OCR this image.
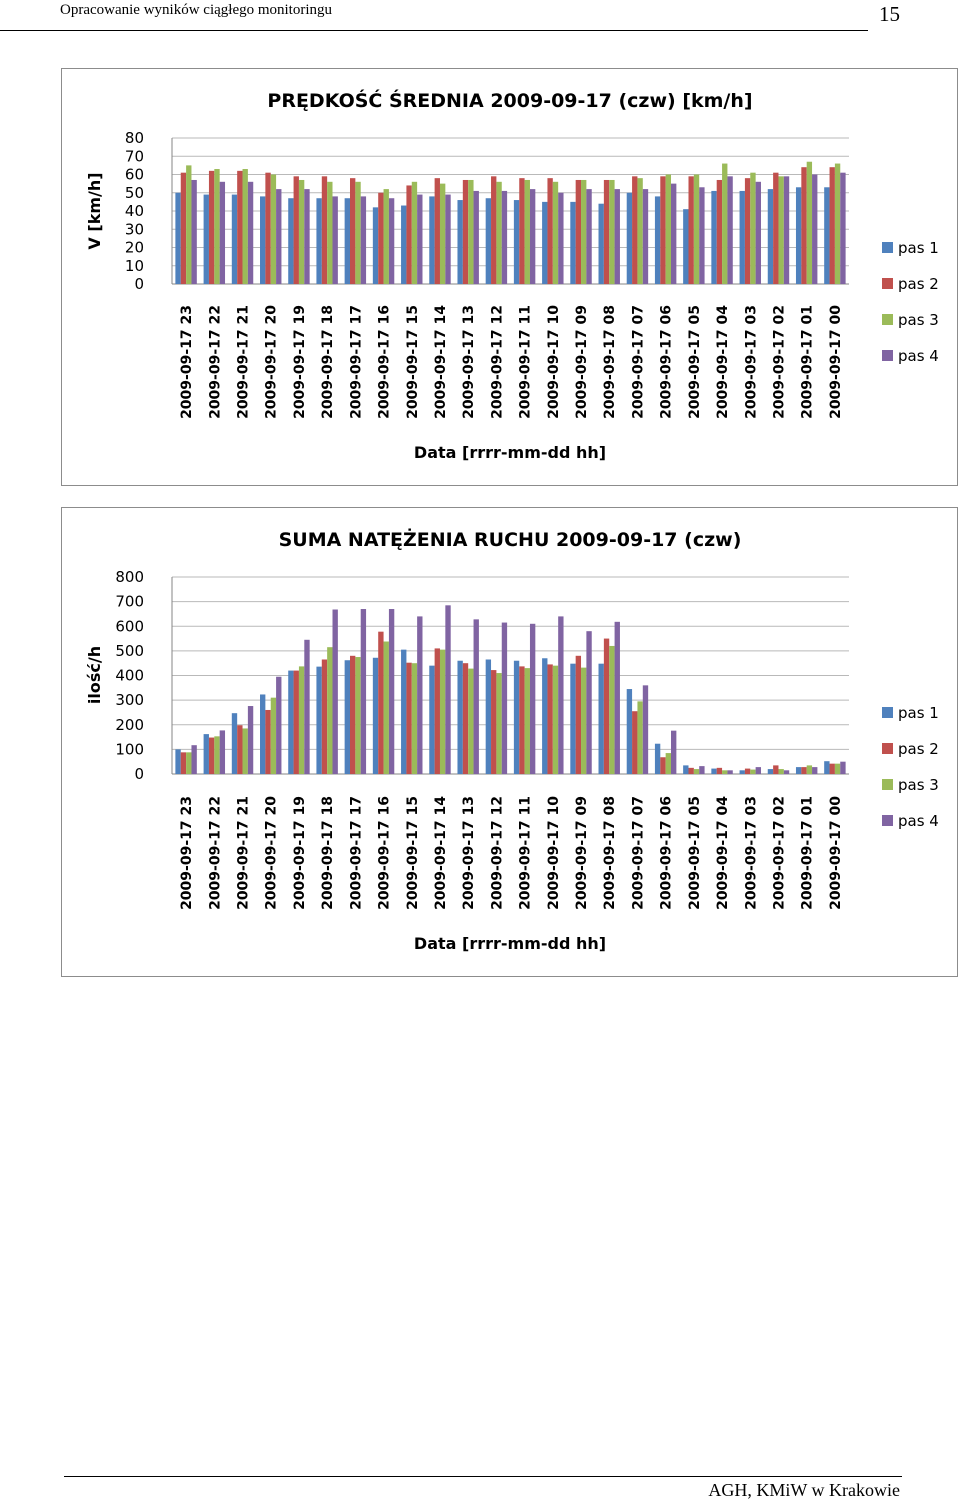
Opracowanie wyników ciągłego monitoringu	15
PRĘDKOŚĆ ŚREDNIA 2009-09-17 (czw) [km/h]
V [km/h]
0
10
20
30
40
50
60
70
80
2009-09-17 23 2009-09-17 22 2009-09-17 21 2009-09-17 20 2009-09-17 19 2009-09-17 18 2009-09-17 17 2009-09-17 16 2009-09-17 15 2009-09-17 14 2009-09-17 13 2009-09-17 12 2009-09-17 11 2009-09-17 10 2009-09-17 09 2009-09-17 08 2009-09-17 07 2009-09-17 06 2009-09-17 05 2009-09-17 04 2009-09-17 03 2009-09-17 02 2009-09-17 01 2009-09-17 00
Data [rrrr-mm-dd hh]
pas 1
pas 2
pas 3
pas 4
SUMA NATĘŻENIA RUCHU 2009-09-17 (czw)
ilość/h
0
100
200
300
400
500
600
700
800
2009-09-17 23 2009-09-17 22 2009-09-17 21 2009-09-17 20 2009-09-17 19 2009-09-17 18 2009-09-17 17 2009-09-17 16 2009-09-17 15 2009-09-17 14 2009-09-17 13 2009-09-17 12 2009-09-17 11 2009-09-17 10 2009-09-17 09 2009-09-17 08 2009-09-17 07 2009-09-17 06 2009-09-17 05 2009-09-17 04 2009-09-17 03 2009-09-17 02 2009-09-17 01 2009-09-17 00
Data [rrrr-mm-dd hh]
pas 1
pas 2
pas 3
pas 4
AGH, KMiW w Krakowie
